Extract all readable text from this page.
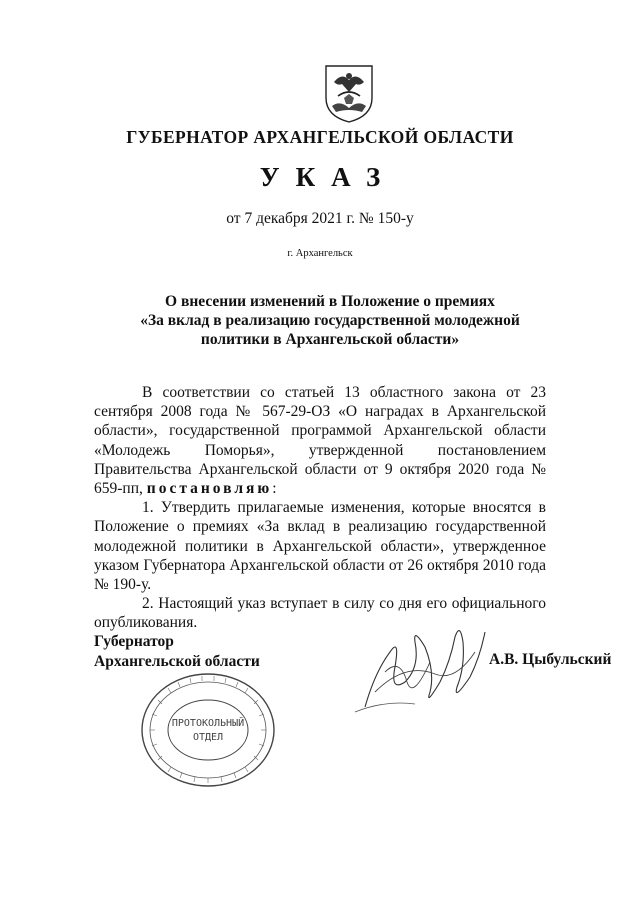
ГУБЕРНАТОР АРХАНГЕЛЬСКОЙ ОБЛАСТИ
УКАЗ
от 7 декабря 2021 г. № 150-у
г. Архангельск
О внесении изменений в Положение о премиях
«За вклад в реализацию государственной молодежной
политики в Архангельской области»

В соответствии со статьей 13 областного закона от 23 сентября 2008 года № 567-29-ОЗ «О наградах в Архангельской области», государственной программой Архангельской области «Молодежь Поморья», утвержденной постановлением Правительства Архангельской области от 9 октября 2020 года № 659-пп, постановляю:

1. Утвердить прилагаемые изменения, которые вносятся в Положение о премиях «За вклад в реализацию государственной молодежной политики в Архангельской области», утвержденное указом Губернатора Архангельской области от 26 октября 2010 года № 190-у.

2. Настоящий указ вступает в силу со дня его официального опубликования.

Губернатор
Архангельской области	А.В. Цыбульский
ПРОТОКОЛЬНЫЙ
ОТДЕЛ
